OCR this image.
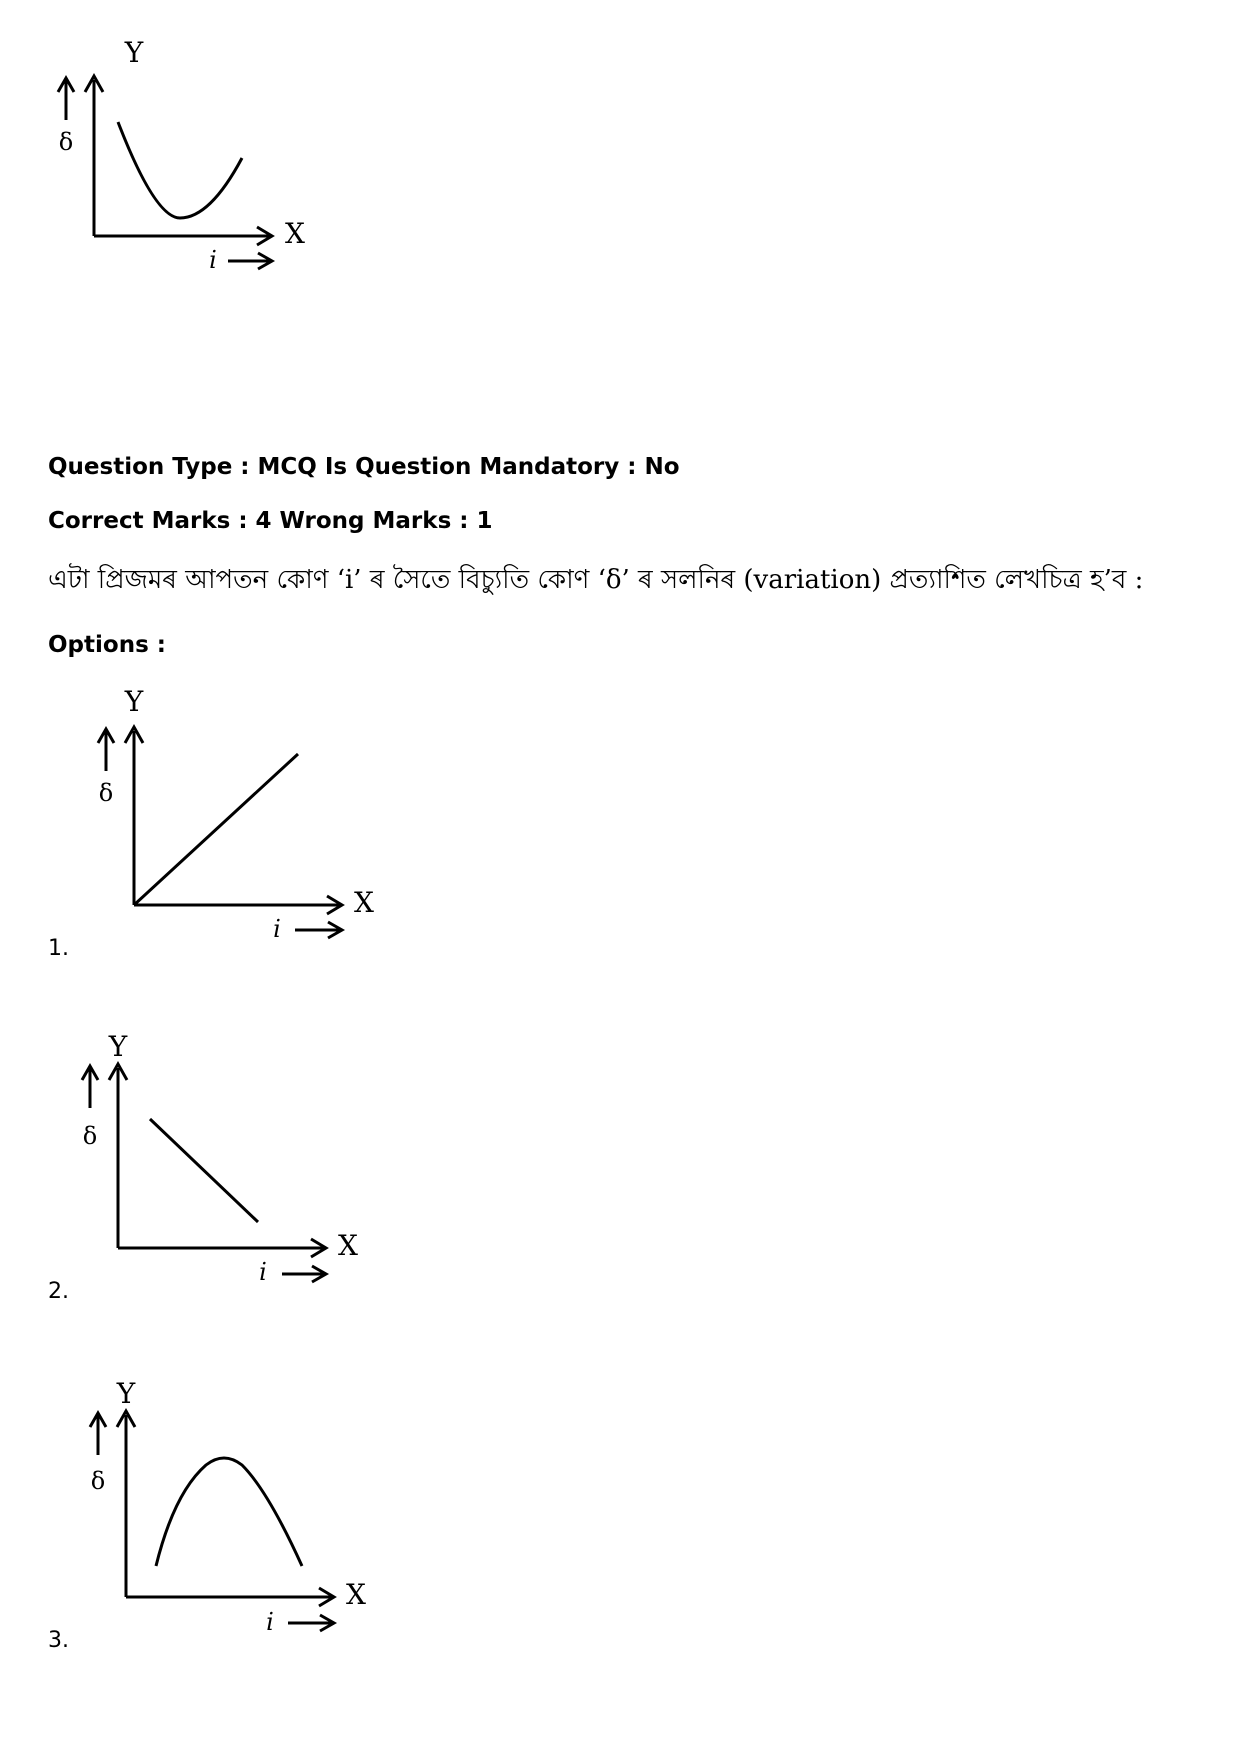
Y
δ
X
i
Question Type : MCQ Is Question Mandatory : No
Correct Marks : 4 Wrong Marks : 1
এটা প্ৰিজমৰ আপতন কোণ ‘i’ ৰ সৈতে বিচ্যুতি কোণ ‘δ’ ৰ সলনিৰ (variation) প্ৰত্যাশিত লেখচিত্ৰ হ’ব :
Options :
Y
δ
X
i
1.
Y
δ
X
i
2.
Y
δ
X
i
3.
